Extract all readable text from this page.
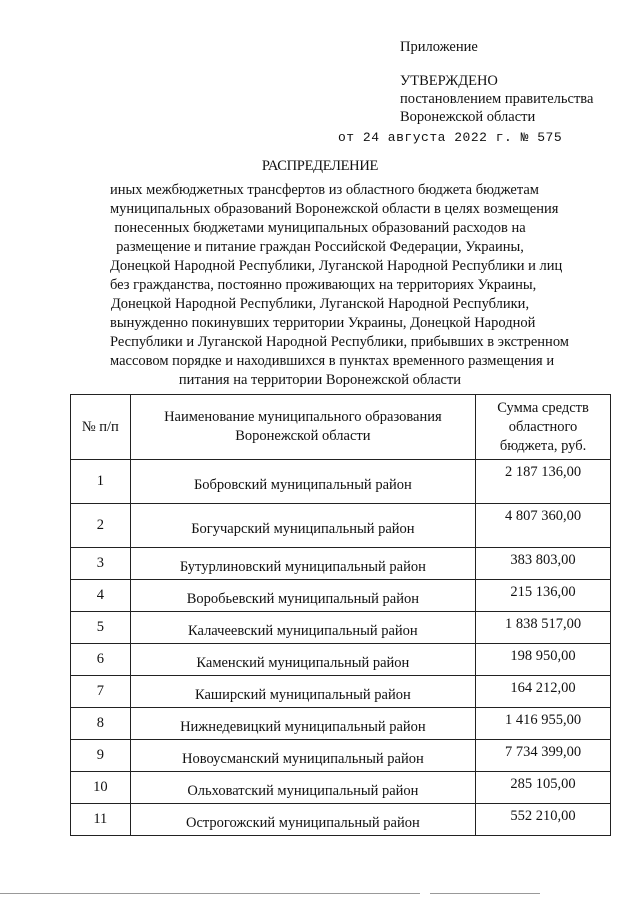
Приложение
УТВЕРЖДЕНО
постановлением правительства
Воронежской области
от 24 августа 2022 г. № 575
РАСПРЕДЕЛЕНИЕ
иных межбюджетных трансфертов из областного бюджета бюджетам
муниципальных образований Воронежской области в целях возмещения
понесенных бюджетами муниципальных образований расходов на
размещение и питание граждан Российской Федерации, Украины,
Донецкой Народной Республики, Луганской Народной Республики и лиц
без гражданства, постоянно проживающих на территориях Украины,
Донецкой Народной Республики, Луганской Народной Республики,
вынужденно покинувших территории Украины, Донецкой Народной
Республики и Луганской Народной Республики, прибывших в экстренном
массовом порядке и находившихся в пунктах временного размещения и
питания на территории Воронежской области
№ п/п	Наименование муниципального образования Воронежской области	Сумма средств областного бюджета, руб.
1	Бобровский муниципальный район	2 187 136,00
2	Богучарский муниципальный район	4 807 360,00
3	Бутурлиновский муниципальный район	383 803,00
4	Воробьевский муниципальный район	215 136,00
5	Калачеевский муниципальный район	1 838 517,00
6	Каменский муниципальный район	198 950,00
7	Каширский муниципальный район	164 212,00
8	Нижнедевицкий муниципальный район	1 416 955,00
9	Новоусманский муниципальный район	7 734 399,00
10	Ольховатский муниципальный район	285 105,00
11	Острогожский муниципальный район	552 210,00
